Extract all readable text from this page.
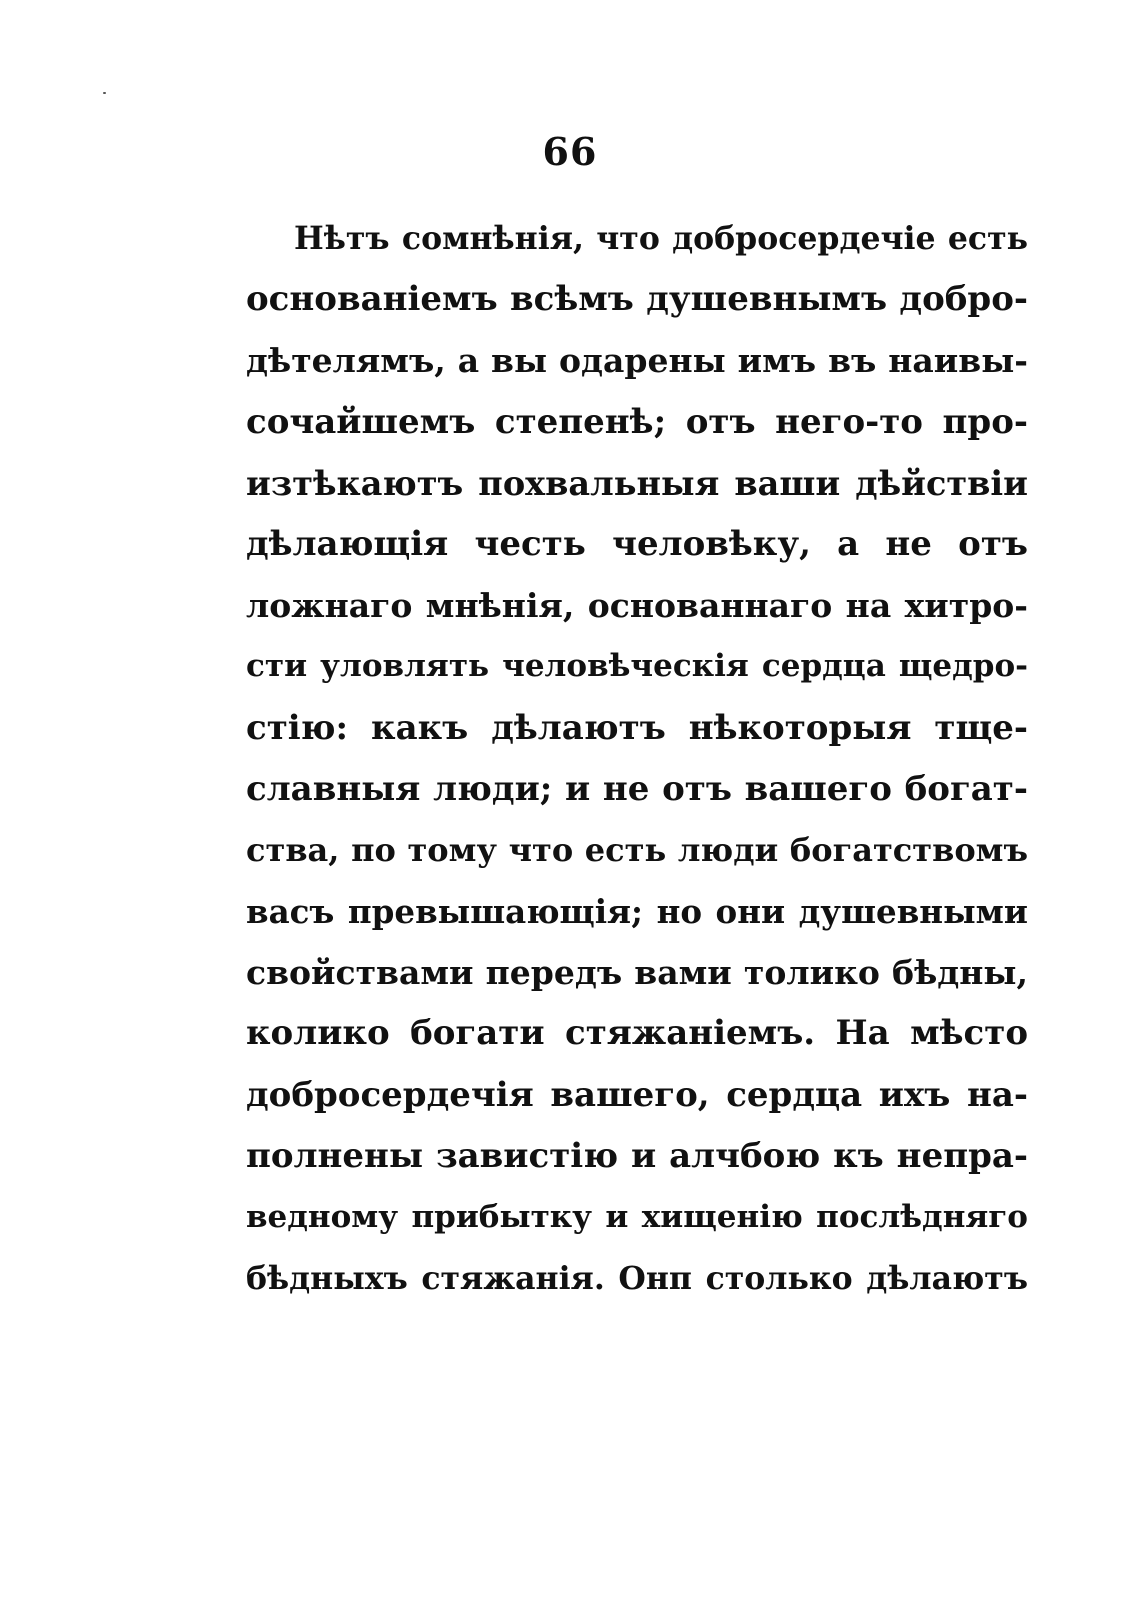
66
Нѣтъ сомнѣнія, что добросердечіе есть
основаніемъ всѣмъ душевнымъ добро-
дѣтелямъ, а вы одарены имъ въ наивы-
сочайшемъ степенѣ; отъ него-то про-
изтѣкаютъ похвальныя ваши дѣйствіи
дѣлающія честь человѣку, а не отъ
ложнаго мнѣнія, основаннаго на хитро-
сти уловлять человѣческія сердца щедро-
стію: какъ дѣлаютъ нѣкоторыя тще-
славныя люди; и не отъ вашего богат-
ства, по тому что есть люди богатствомъ
васъ превышающія; но они душевными
свойствами передъ вами толико бѣдны,
колико богати стяжаніемъ. На мѣсто
добросердечія вашего, сердца ихъ на-
полнены завистію и алчбою къ непра-
ведному прибытку и хищенію послѣдняго
бѣдныхъ стяжанія. Онп столько дѣлаютъ
